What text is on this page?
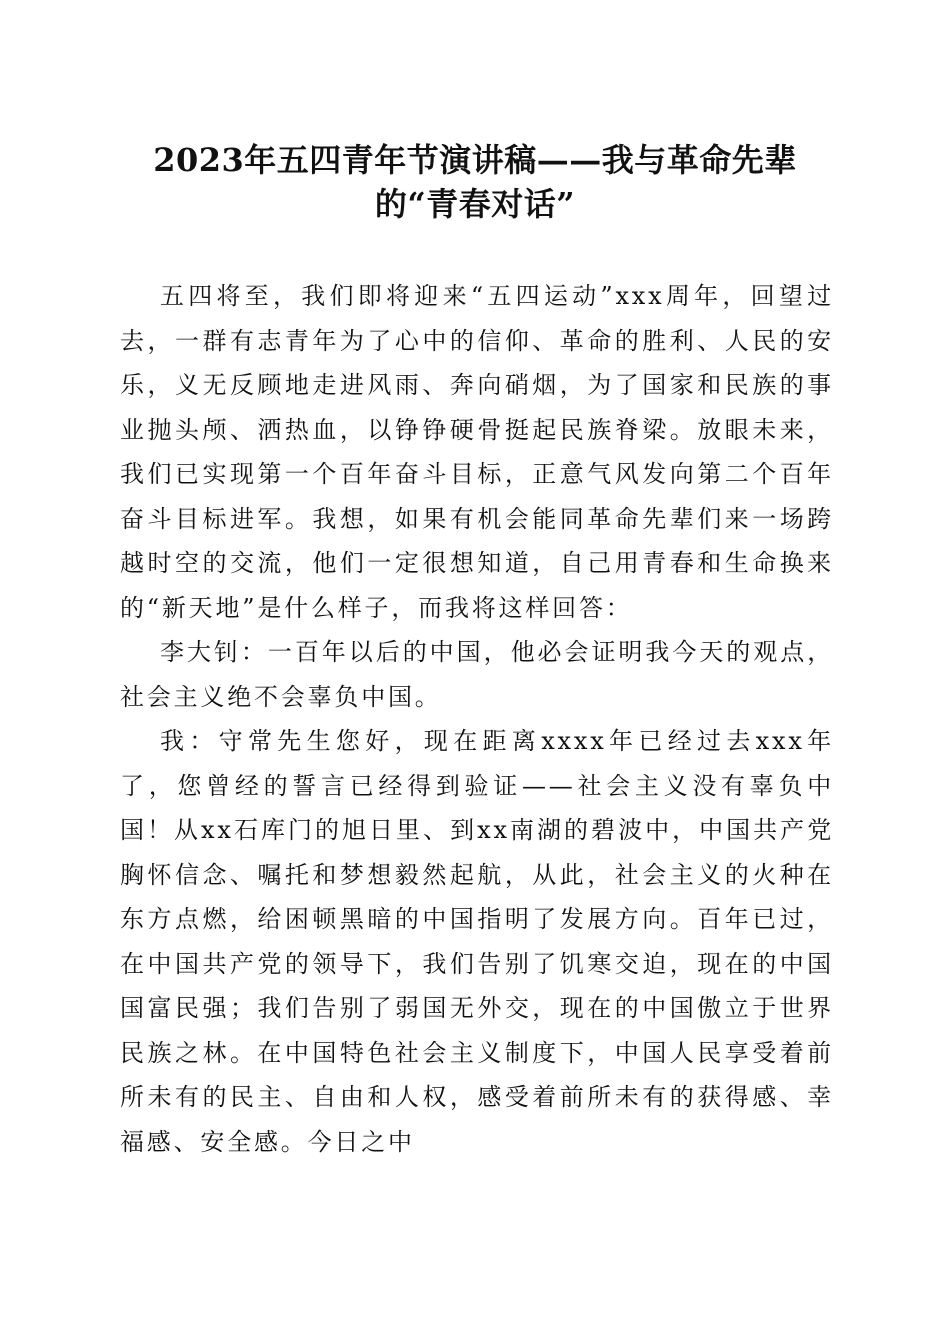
2023年五四青年节演讲稿——我与革命先辈
的“青春对话”

五四将至，我们即将迎来“五四运动”xxx周年，回望过去，一群有志青年为了心中的信仰、革命的胜利、人民的安乐，义无反顾地走进风雨、奔向硝烟，为了国家和民族的事业抛头颅、洒热血，以铮铮硬骨挺起民族脊梁。放眼未来，我们已实现第一个百年奋斗目标，正意气风发向第二个百年奋斗目标进军。我想，如果有机会能同革命先辈们来一场跨越时空的交流，他们一定很想知道，自己用青春和生命换来的“新天地”是什么样子，而我将这样回答：

李大钊：一百年以后的中国，他必会证明我今天的观点，社会主义绝不会辜负中国。

我：守常先生您好，现在距离xxxx年已经过去xxx年了，您曾经的誓言已经得到验证——社会主义没有辜负中国！从xx石库门的旭日里、到xx南湖的碧波中，中国共产党胸怀信念、嘱托和梦想毅然起航，从此，社会主义的火种在东方点燃，给困顿黑暗的中国指明了发展方向。百年已过，在中国共产党的领导下，我们告别了饥寒交迫，现在的中国国富民强；我们告别了弱国无外交，现在的中国傲立于世界民族之林。在中国特色社会主义制度下，中国人民享受着前所未有的民主、自由和人权，感受着前所未有的获得感、幸福感、安全感。今日之中
